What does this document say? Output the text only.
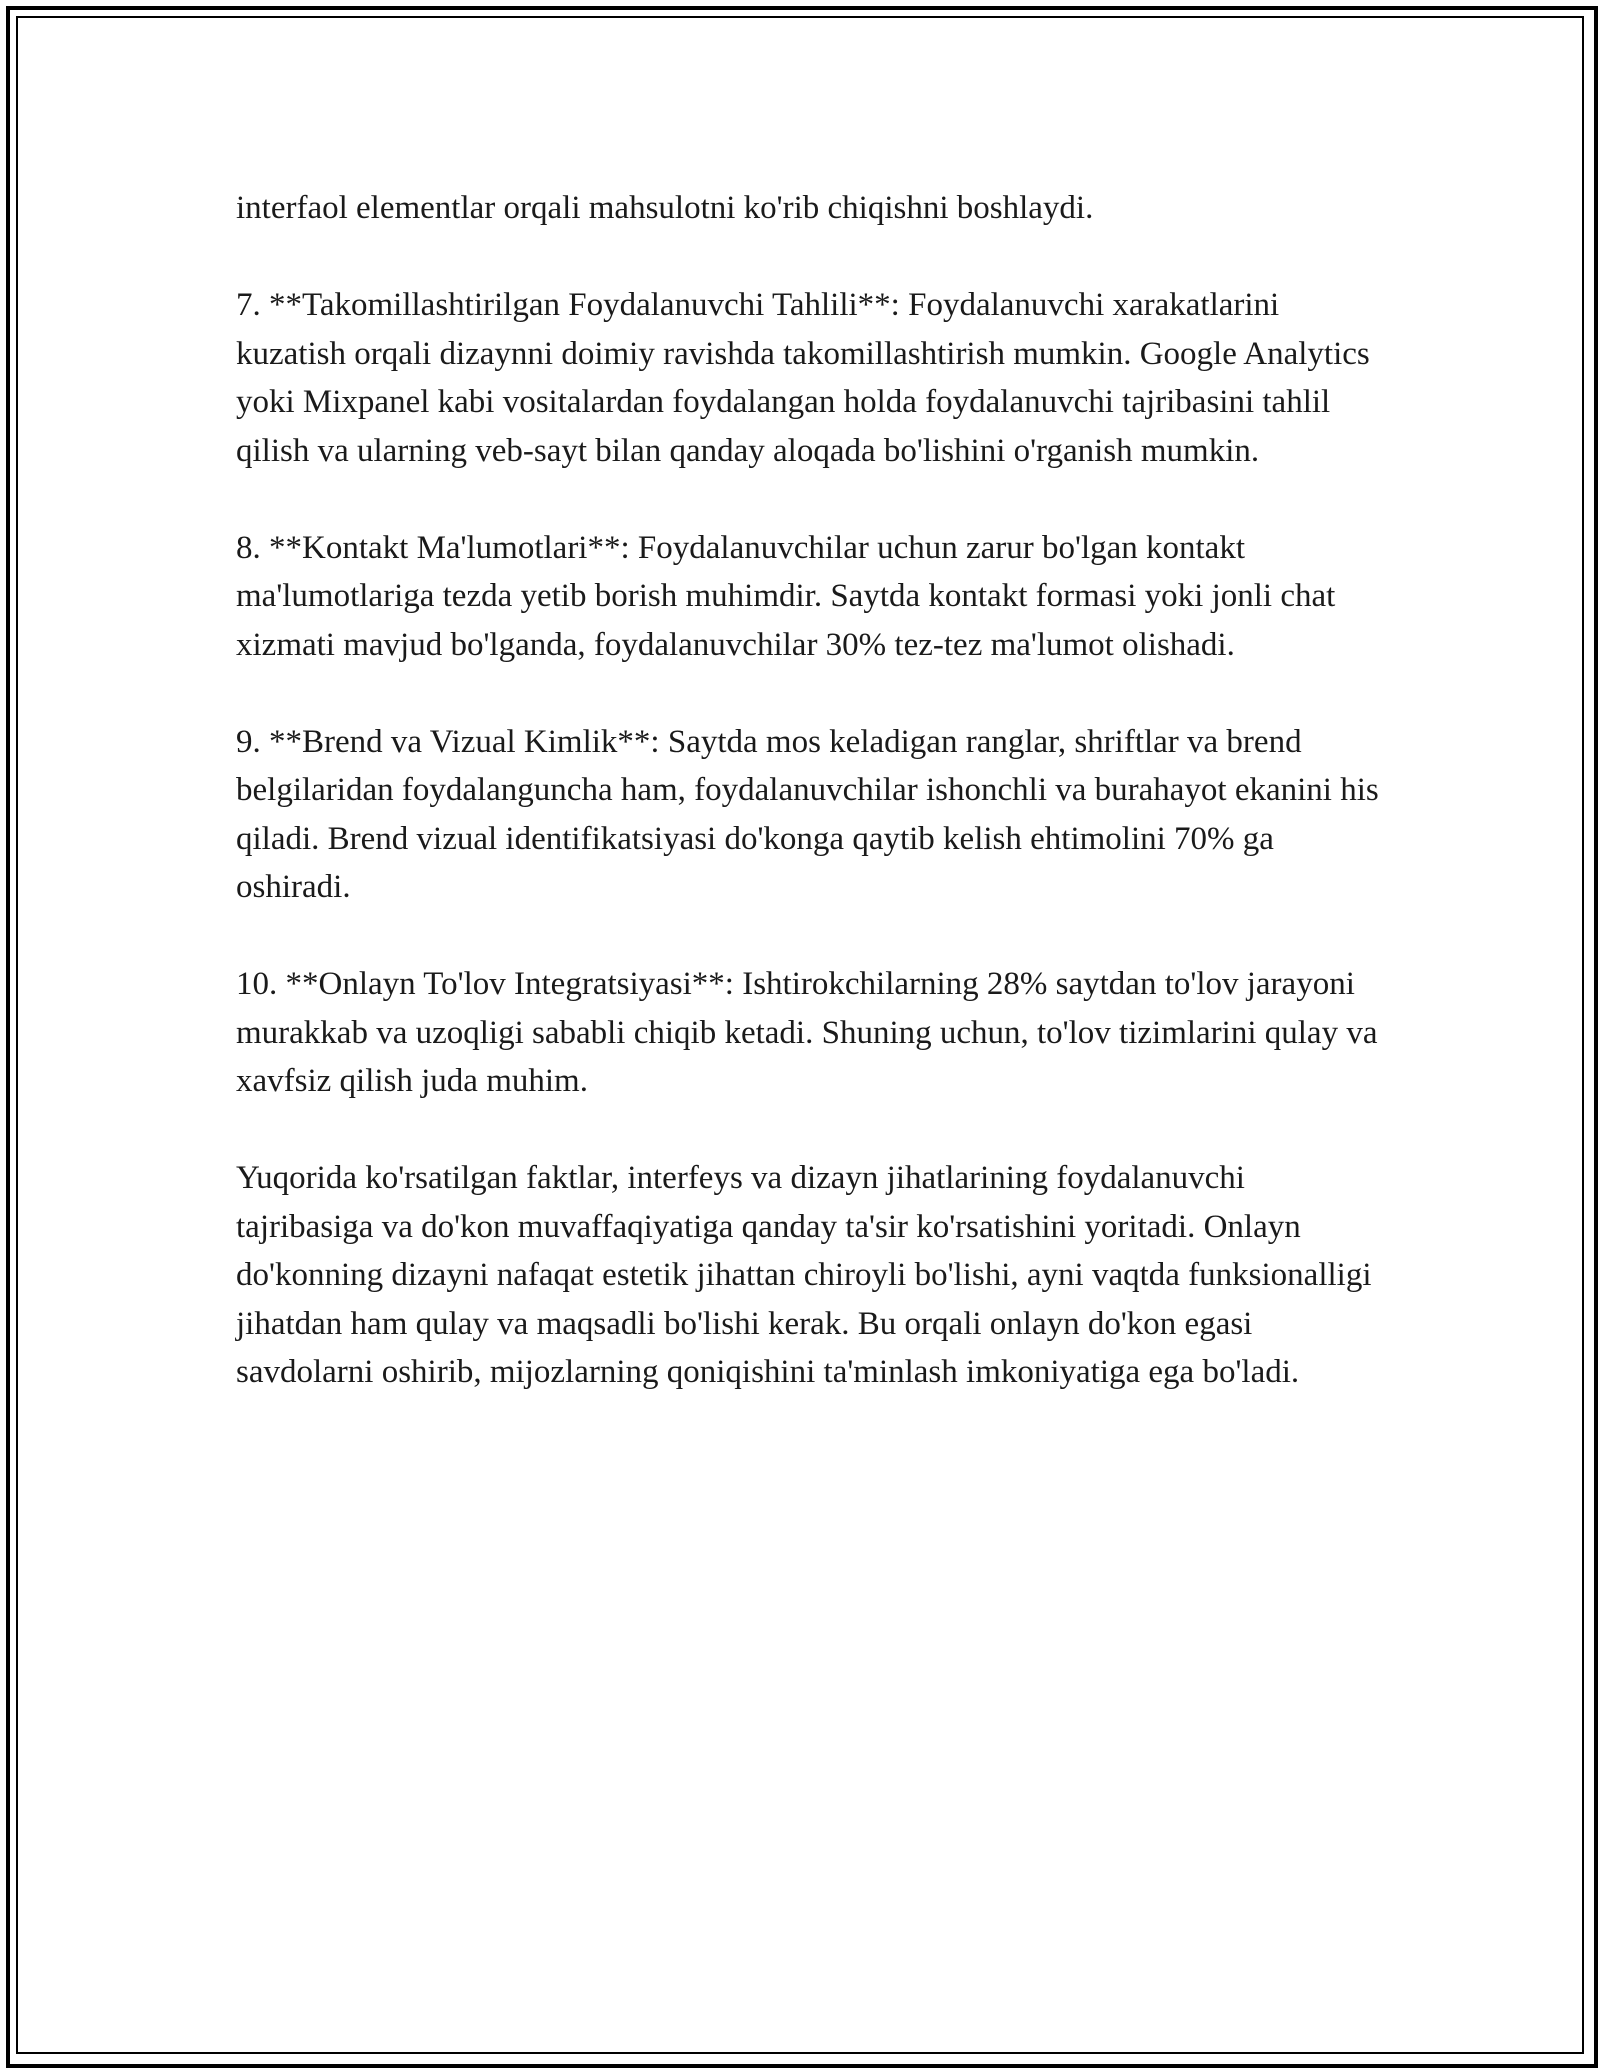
interfaol elementlar orqali mahsulotni ko'rib chiqishni boshlaydi.

7. **Takomillashtirilgan Foydalanuvchi Tahlili**: Foydalanuvchi xarakatlarini kuzatish orqali dizaynni doimiy ravishda takomillashtirish mumkin. Google Analytics yoki Mixpanel kabi vositalardan foydalangan holda foydalanuvchi tajribasini tahlil qilish va ularning veb-sayt bilan qanday aloqada bo'lishini o'rganish mumkin.

8. **Kontakt Ma'lumotlari**: Foydalanuvchilar uchun zarur bo'lgan kontakt ma'lumotlariga tezda yetib borish muhimdir. Saytda kontakt formasi yoki jonli chat xizmati mavjud bo'lganda, foydalanuvchilar 30% tez-tez ma'lumot olishadi.

9. **Brend va Vizual Kimlik**: Saytda mos keladigan ranglar, shriftlar va brend belgilaridan foydalanguncha ham, foydalanuvchilar ishonchli va burahayot ekanini his qiladi. Brend vizual identifikatsiyasi do'konga qaytib kelish ehtimolini 70% ga oshiradi.

10. **Onlayn To'lov Integratsiyasi**: Ishtirokchilarning 28% saytdan to'lov jarayoni murakkab va uzoqligi sababli chiqib ketadi. Shuning uchun, to'lov tizimlarini qulay va xavfsiz qilish juda muhim.

Yuqorida ko'rsatilgan faktlar, interfeys va dizayn jihatlarining foydalanuvchi tajribasiga va do'kon muvaffaqiyatiga qanday ta'sir ko'rsatishini yoritadi. Onlayn do'konning dizayni nafaqat estetik jihattan chiroyli bo'lishi, ayni vaqtda funksionalligi jihatdan ham qulay va maqsadli bo'lishi kerak. Bu orqali onlayn do'kon egasi savdolarni oshirib, mijozlarning qoniqishini ta'minlash imkoniyatiga ega bo'ladi.
